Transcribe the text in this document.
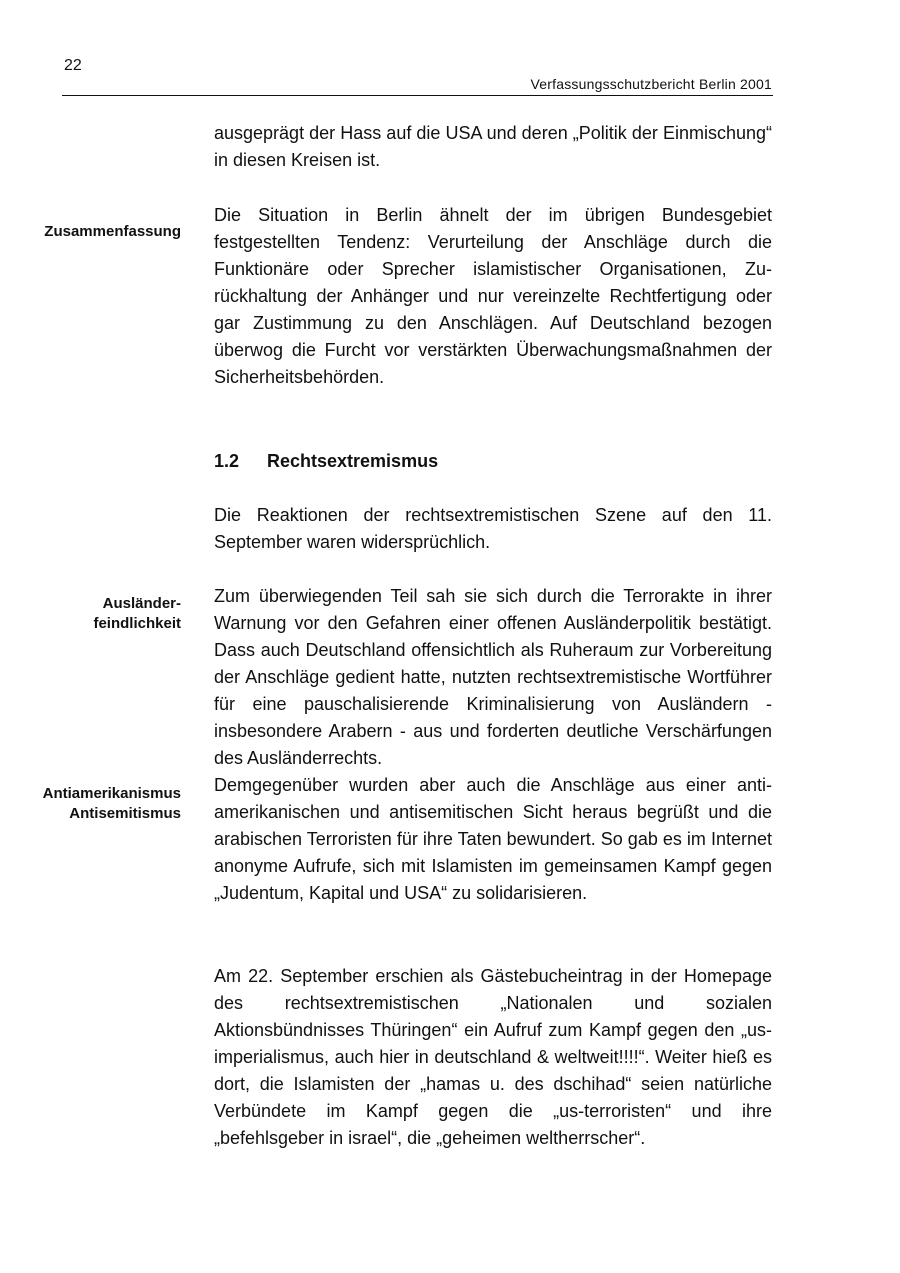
22
Verfassungsschutzbericht Berlin 2001

ausgeprägt der Hass auf die USA und deren „Politik der Einmischung“ in diesen Kreisen ist.

Zusammenfassung

Die Situation in Berlin ähnelt der im übrigen Bundesgebiet festgestellten Tendenz: Verurteilung der Anschläge durch die Funktionäre oder Sprecher islamistischer Organisationen, Zurückhaltung der Anhänger und nur vereinzelte Rechtfertigung oder gar Zustimmung zu den Anschlägen. Auf Deutschland bezogen überwog die Furcht vor verstärkten Überwachungsmaßnahmen der Sicherheitsbehörden.

1.2 Rechtsextremismus

Die Reaktionen der rechtsextremistischen Szene auf den 11. September waren widersprüchlich.

Ausländer-
feindlichkeit

Zum überwiegenden Teil sah sie sich durch die Terrorakte in ihrer Warnung vor den Gefahren einer offenen Ausländerpolitik bestätigt. Dass auch Deutschland offensichtlich als Ruheraum zur Vorbereitung der Anschläge gedient hatte, nutzten rechtsextremistische Wortführer für eine pauschalisierende Kriminalisierung von Ausländern - insbesondere Arabern - aus und forderten deutliche Verschärfungen des Ausländerrechts.

Antiamerikanismus
Antisemitismus

Demgegenüber wurden aber auch die Anschläge aus einer antiamerikanischen und antisemitischen Sicht heraus begrüßt und die arabischen Terroristen für ihre Taten bewundert. So gab es im Internet anonyme Aufrufe, sich mit Islamisten im gemeinsamen Kampf gegen „Judentum, Kapital und USA“ zu solidarisieren.

Am 22. September erschien als Gästebucheintrag in der Homepage des rechtsextremistischen „Nationalen und sozialen Aktionsbündnisses Thüringen“ ein Aufruf zum Kampf gegen den „us-imperialismus, auch hier in deutschland & weltweit!!!!“. Weiter hieß es dort, die Islamisten der „hamas u. des dschihad“ seien natürliche Verbündete im Kampf gegen die „us-terroristen“ und ihre „befehlsgeber in israel“, die „geheimen weltherrscher“.
